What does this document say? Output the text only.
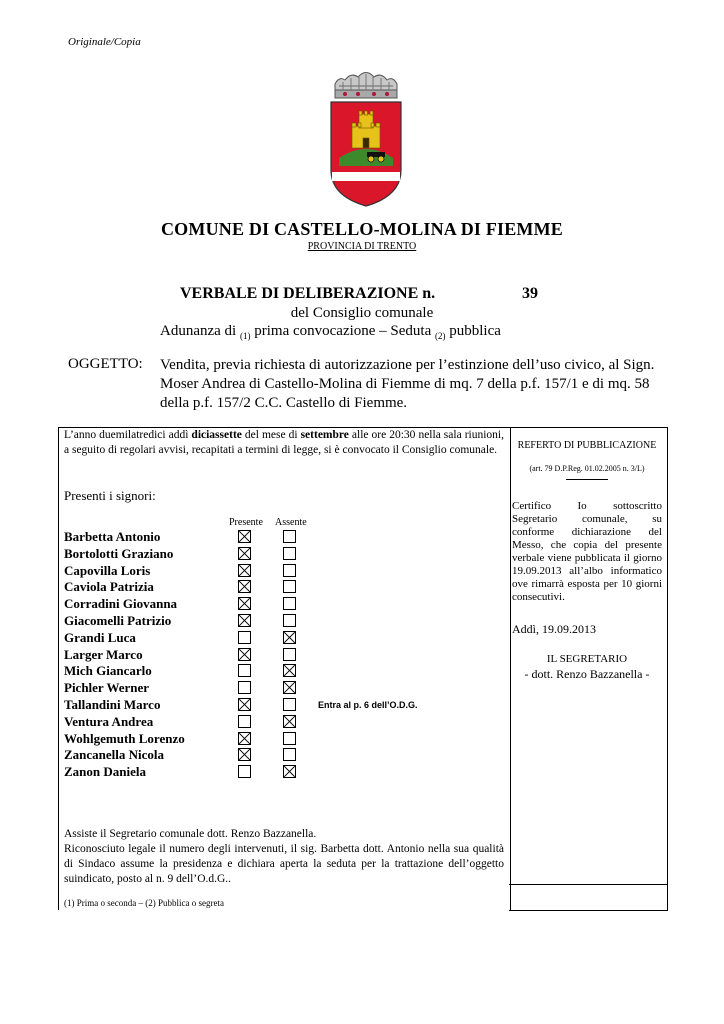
Originale/Copia
COMUNE DI CASTELLO-MOLINA DI FIEMME
PROVINCIA DI TRENTO
VERBALE DI DELIBERAZIONE n.	39
del Consiglio comunale
Adunanza di $_{(1)}$ prima convocazione – Seduta $_{(2)}$ pubblica
OGGETTO: Vendita, previa richiesta di autorizzazione per l’estinzione dell’uso civico, al Sign. Moser Andrea di Castello-Molina di Fiemme di mq. 7 della p.f. 157/1 e di mq. 58 della p.f. 157/2 C.C. Castello di Fiemme.
L’anno duemilatredici addì diciassette del mese di settembre alle ore 20:30 nella sala riunioni, a seguito di regolari avvisi, recapitati a termini di legge, si è convocato il Consiglio comunale.
Presenti i signori:
Presente Assente
Barbetta Antonio
Bortolotti Graziano
Capovilla Loris
Caviola Patrizia
Corradini Giovanna
Giacomelli Patrizio
Grandi Luca
Larger Marco
Mich Giancarlo
Pichler Werner
Tallandini Marco	Entra al p. 6 dell’O.D.G.
Ventura Andrea
Wohlgemuth Lorenzo
Zancanella Nicola
Zanon Daniela
Assiste il Segretario comunale dott. Renzo Bazzanella.
Riconosciuto legale il numero degli intervenuti, il sig. Barbetta dott. Antonio nella sua qualità di Sindaco assume la presidenza e dichiara aperta la seduta per la trattazione dell’oggetto suindicato, posto al n. 9 dell’O.d.G..
(1) Prima o seconda – (2) Pubblica o segreta
REFERTO DI PUBBLICAZIONE
(art. 79 D.P.Reg. 01.02.2005 n. 3/L)
Certifico Io sottoscritto Segretario comunale, su conforme dichiarazione del Messo, che copia del presente verbale viene pubblicata il giorno 19.09.2013 all’albo informatico ove rimarrà esposta per 10 giorni consecutivi.
Addì, 19.09.2013
IL SEGRETARIO
- dott. Renzo Bazzanella -
